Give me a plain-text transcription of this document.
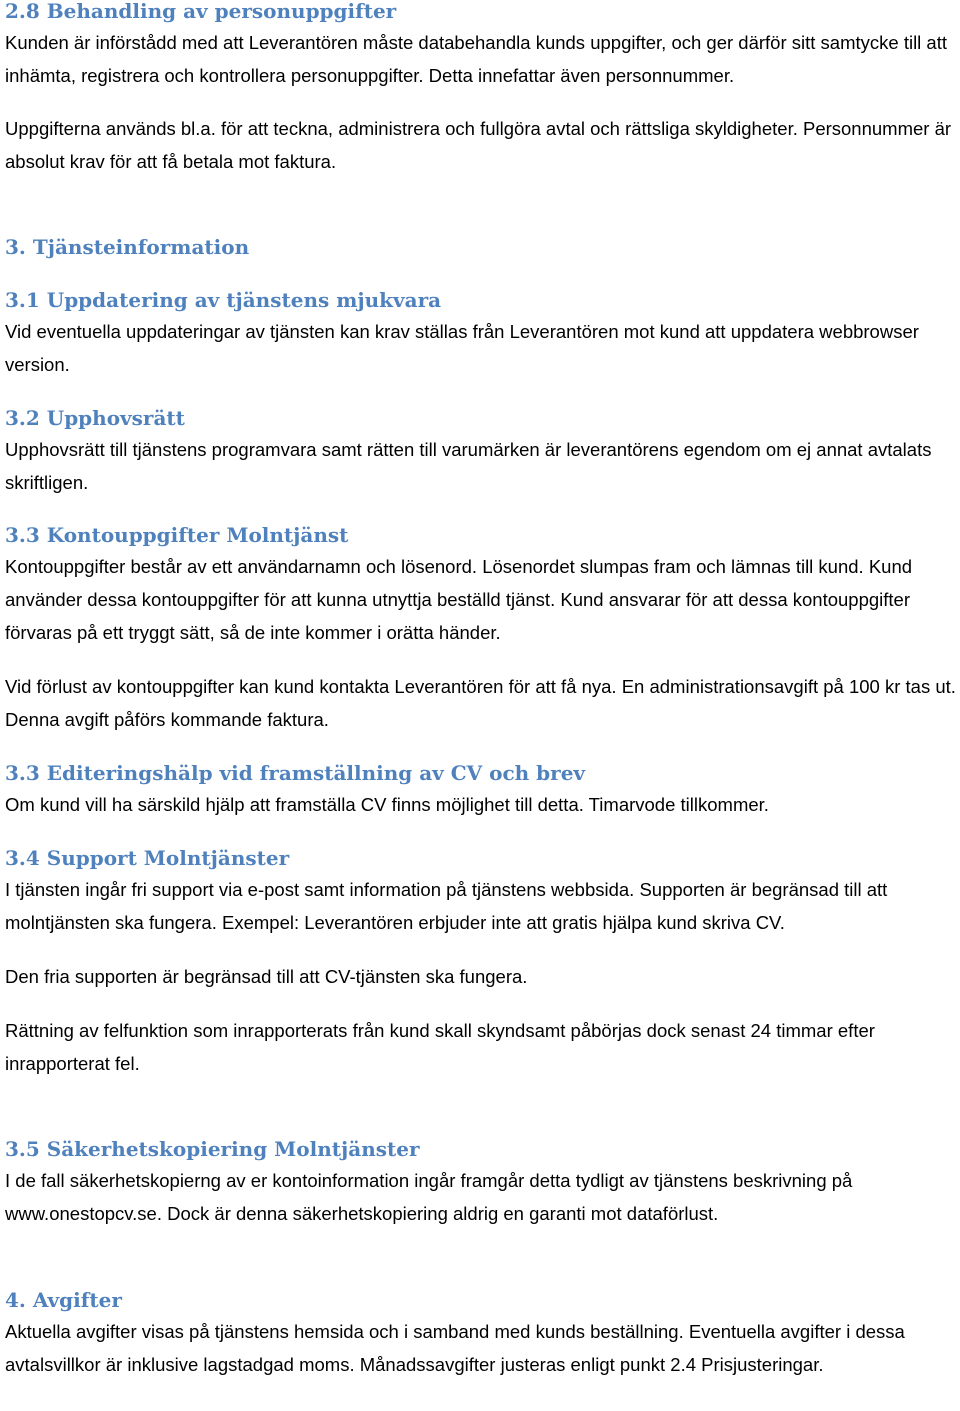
2.8 Behandling av personuppgifter

Kunden är införstådd med att Leverantören måste databehandla kunds uppgifter, och ger därför sitt samtycke till att inhämta, registrera och kontrollera personuppgifter. Detta innefattar även personnummer.

Uppgifterna används bl.a. för att teckna, administrera och fullgöra avtal och rättsliga skyldigheter. Personnummer är absolut krav för att få betala mot faktura.

3. Tjänsteinformation
3.1 Uppdatering av tjänstens mjukvara

Vid eventuella uppdateringar av tjänsten kan krav ställas från Leverantören mot kund att uppdatera webbrowser version.

3.2 Upphovsrätt

Upphovsrätt till tjänstens programvara samt rätten till varumärken är leverantörens egendom om ej annat avtalats skriftligen.

3.3 Kontouppgifter Molntjänst

Kontouppgifter består av ett användarnamn och lösenord. Lösenordet slumpas fram och lämnas till kund. Kund använder dessa kontouppgifter för att kunna utnyttja beställd tjänst. Kund ansvarar för att dessa kontouppgifter förvaras på ett tryggt sätt, så de inte kommer i orätta händer.

Vid förlust av kontouppgifter kan kund kontakta Leverantören för att få nya. En administrationsavgift på 100 kr tas ut. Denna avgift påförs kommande faktura.

3.3 Editeringshälp vid framställning av CV och brev

Om kund vill ha särskild hjälp att framställa CV finns möjlighet till detta. Timarvode tillkommer.

3.4 Support Molntjänster

I tjänsten ingår fri support via e-post samt information på tjänstens webbsida. Supporten är begränsad till att molntjänsten ska fungera. Exempel: Leverantören erbjuder inte att gratis hjälpa kund skriva CV.

Den fria supporten är begränsad till att CV-tjänsten ska fungera.

Rättning av felfunktion som inrapporterats från kund skall skyndsamt påbörjas dock senast 24 timmar efter inrapporterat fel.

3.5 Säkerhetskopiering Molntjänster

I de fall säkerhetskopierng av er kontoinformation ingår framgår detta tydligt av tjänstens beskrivning på www.onestopcv.se. Dock är denna säkerhetskopiering aldrig en garanti mot dataförlust.

4. Avgifter

Aktuella avgifter visas på tjänstens hemsida och i samband med kunds beställning. Eventuella avgifter i dessa avtalsvillkor är inklusive lagstadgad moms. Månadssavgifter justeras enligt punkt 2.4 Prisjusteringar.
